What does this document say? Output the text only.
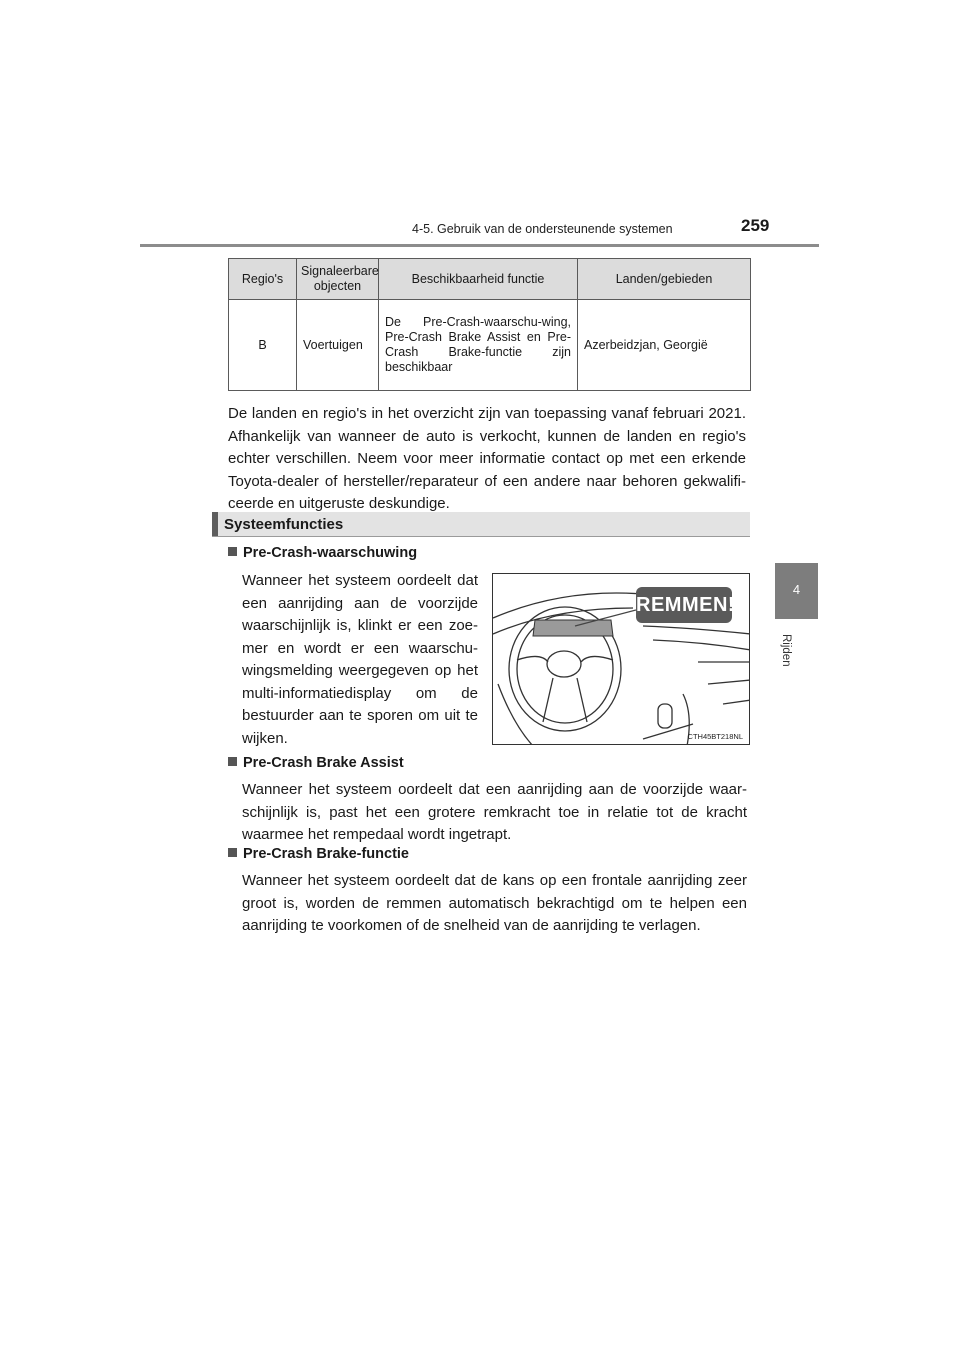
4-5. Gebruik van de ondersteunende systemen	259
4
Rijden
Regio's	Signaleerbare objecten	Beschikbaarheid functie	Landen/gebieden
B	Voertuigen	De Pre-Crash-waarschu-wing, Pre-Crash Brake Assist en Pre-Crash Brake-functie zijn beschikbaar	Azerbeidzjan, Georgië
De landen en regio's in het overzicht zijn van toepassing vanaf februari 2021. Afhankelijk van wanneer de auto is verkocht, kunnen de landen en regio's echter verschillen. Neem voor meer informatie contact op met een erkende Toyota-dealer of hersteller/reparateur of een andere naar behoren gekwalifi-ceerde en uitgeruste deskundige.
Systeemfuncties
Pre-Crash-waarschuwing
Wanneer het systeem oordeelt dat een aanrijding aan de voorzijde waarschijnlijk is, klinkt er een zoe-mer en wordt er een waarschu-wingsmelding weergegeven op het multi-informatiedisplay om de bestuurder aan te sporen om uit te wijken.
REMMEN!
CTH45BT218NL
Pre-Crash Brake Assist
Wanneer het systeem oordeelt dat een aanrijding aan de voorzijde waar-schijnlijk is, past het een grotere remkracht toe in relatie tot de kracht waarmee het rempedaal wordt ingetrapt.
Pre-Crash Brake-functie
Wanneer het systeem oordeelt dat de kans op een frontale aanrijding zeer groot is, worden de remmen automatisch bekrachtigd om te helpen een aanrijding te voorkomen of de snelheid van de aanrijding te verlagen.
